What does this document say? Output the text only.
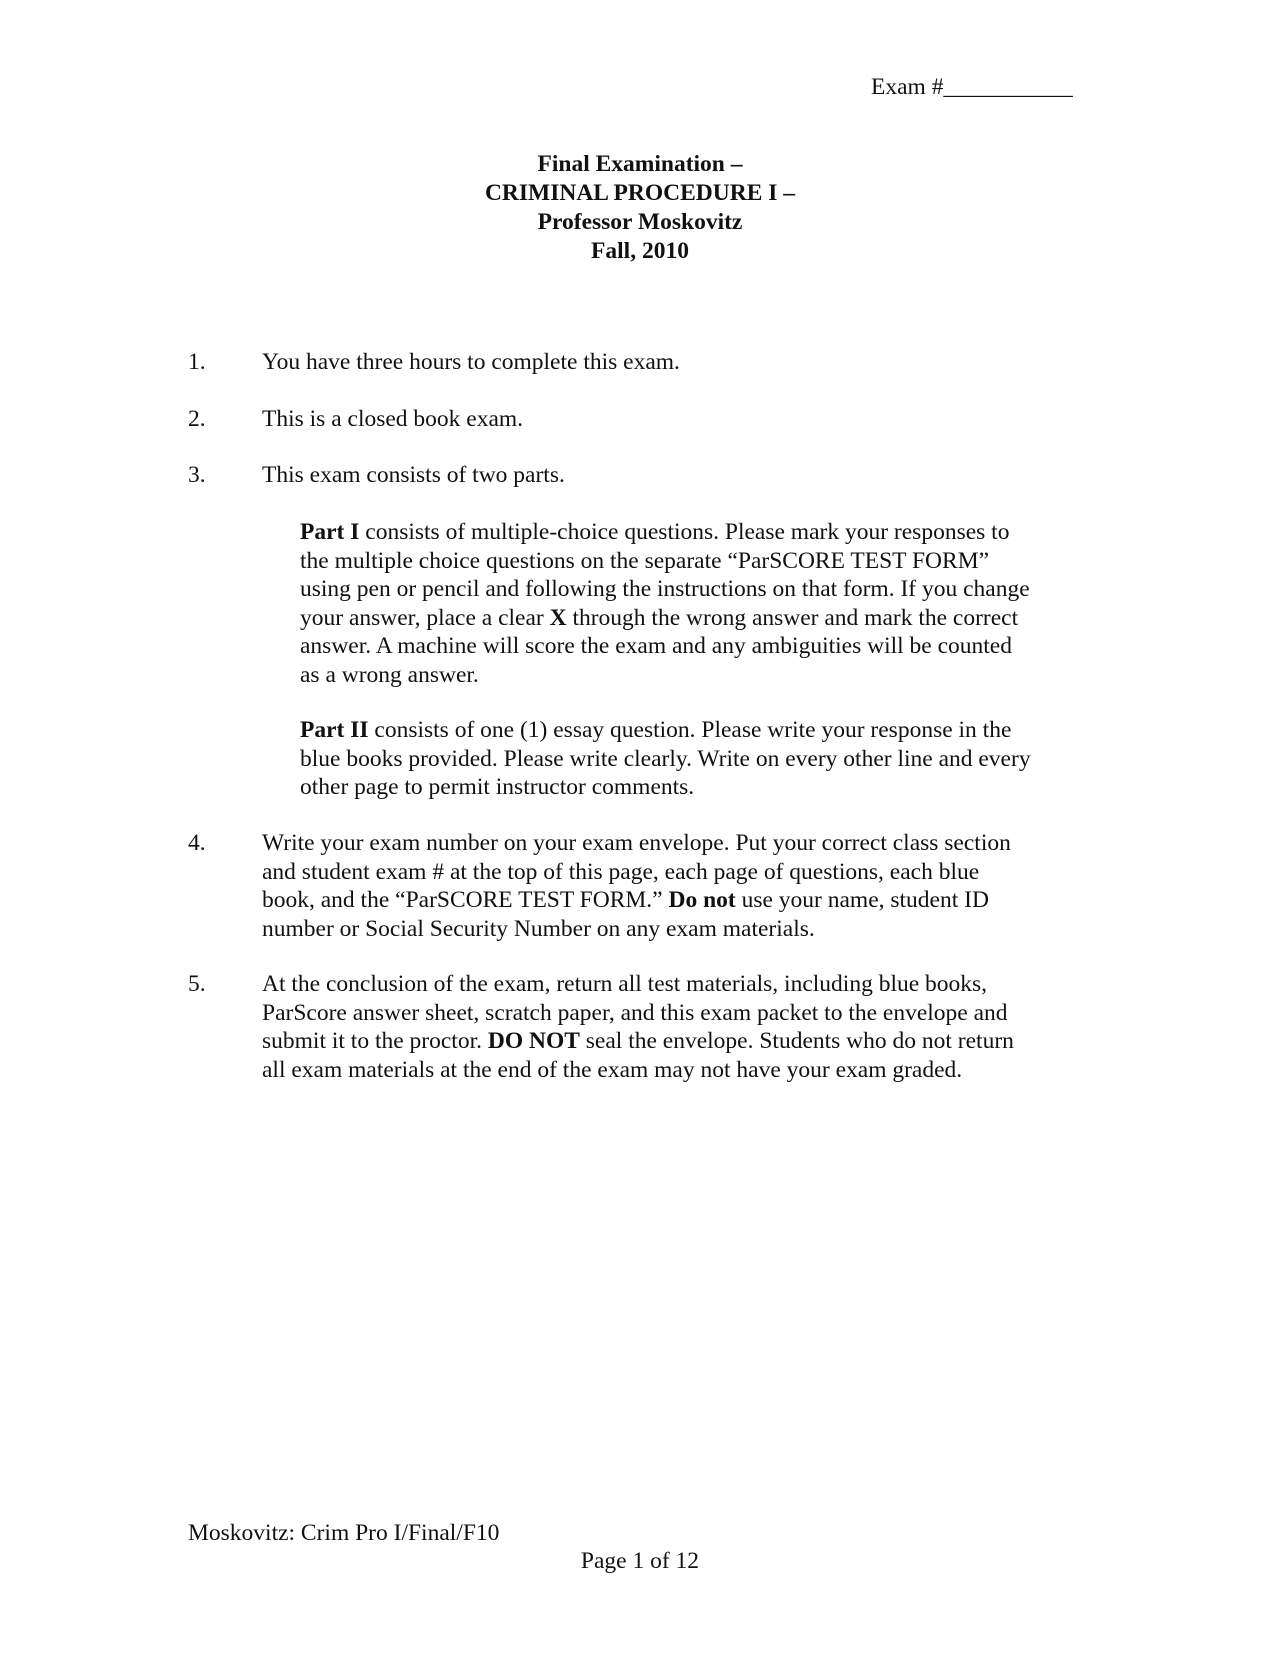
Exam #___________
Final Examination –
CRIMINAL PROCEDURE I –
Professor Moskovitz
Fall, 2010
1.	You have three hours to complete this exam.
2.	This is a closed book exam.
3.	This exam consists of two parts.
Part I consists of multiple-choice questions. Please mark your responses to
the multiple choice questions on the separate “ParSCORE TEST FORM”
using pen or pencil and following the instructions on that form. If you change
your answer, place a clear X through the wrong answer and mark the correct
answer. A machine will score the exam and any ambiguities will be counted
as a wrong answer.
Part II consists of one (1) essay question. Please write your response in the
blue books provided. Please write clearly. Write on every other line and every
other page to permit instructor comments.
4.	Write your exam number on your exam envelope. Put your correct class section
and student exam # at the top of this page, each page of questions, each blue
book, and the “ParSCORE TEST FORM.” Do not use your name, student ID
number or Social Security Number on any exam materials.
5.	At the conclusion of the exam, return all test materials, including blue books,
ParScore answer sheet, scratch paper, and this exam packet to the envelope and
submit it to the proctor. DO NOT seal the envelope. Students who do not return
all exam materials at the end of the exam may not have your exam graded.
Moskovitz: Crim Pro I/Final/F10
Page 1 of 12
